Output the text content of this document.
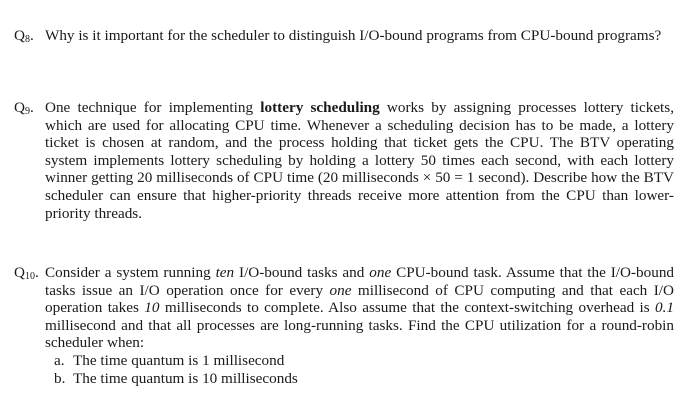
$Q_8$. Why is it important for the scheduler to distinguish I/O-bound programs from CPU-bound programs?
$Q_9$. One technique for implementing lottery scheduling works by assigning processes lottery tickets, which are used for allocating CPU time. Whenever a scheduling decision has to be made, a lottery ticket is chosen at random, and the process holding that ticket gets the CPU. The BTV operating system implements lottery scheduling by holding a lottery 50 times each second, with each lottery winner getting 20 milliseconds of CPU time (20 milliseconds × 50 = 1 second). Describe how the BTV scheduler can ensure that higher-priority threads receive more attention from the CPU than lower-priority threads.
$Q_{10}$. Consider a system running ten I/O-bound tasks and one CPU-bound task. Assume that the I/O-bound tasks issue an I/O operation once for every one millisecond of CPU computing and that each I/O operation takes 10 milliseconds to complete. Also assume that the context-switching overhead is 0.1 millisecond and that all processes are long-running tasks. Find the CPU utilization for a round-robin scheduler when:
a. The time quantum is 1 millisecond
b. The time quantum is 10 milliseconds
